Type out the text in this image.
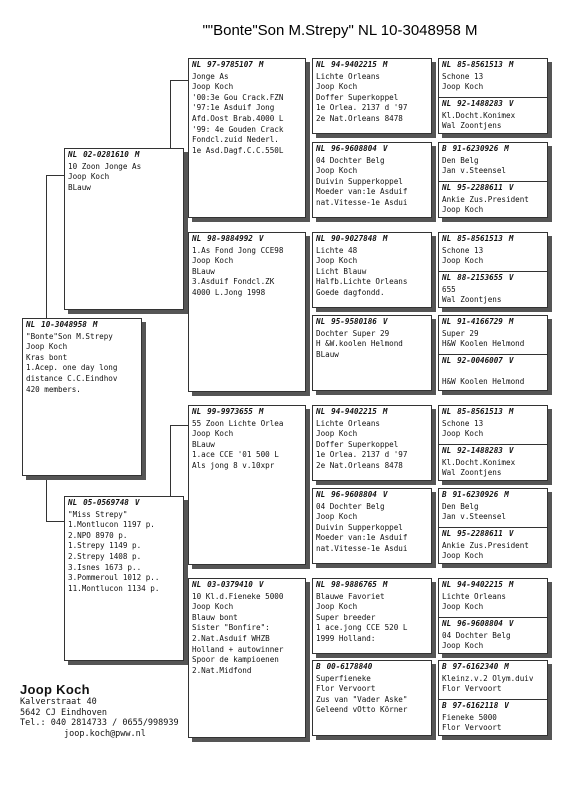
""Bonte"Son M.Strepy" NL 10-3048958 M
NL 10-3048958 M
"Bonte"Son M.Strepy
Joop Koch
Kras bont
1.Acep. one day long
distance C.C.Eindhov
420 members.
NL 02-0281610 M
10 Zoon Jonge As
Joop Koch
BLauw
NL 05-0569748 V
"Miss Strepy"
1.Montlucon 1197 p.
2.NPO 8970 p.
1.Strepy 1149 p.
2.Strepy 1408 p.
3.Isnes 1673 p..
3.Pommeroul 1012 p..
11.Montlucon 1134 p.
NL 97-9785107 M
Jonge As
Joop Koch
'00:3e Gou Crack.FZN
'97:1e Asduif Jong
Afd.Oost Brab.4000 L
'99: 4e Gouden Crack
Fondcl.zuid Nederl.
1e Asd.Dagf.C.C.550L
NL 98-9884992 V
1.As Fond Jong CCE98
Joop Koch
BLauw
3.Asduif Fondcl.ZK
4000 L.Jong 1998
NL 99-9973655 M
55 Zoon Lichte Orlea
Joop Koch
BLauw
1.ace CCE '01 500 L
Als jong 8 v.10xpr
NL 03-0379410 V
10 Kl.d.Fieneke 5000
Joop Koch
Blauw bont
Sister "Bonfire":
2.Nat.Asduif WHZB
Holland + autowinner
Spoor de kampioenen
2.Nat.Midfond
NL 94-9402215 M
Lichte Orleans
Joop Koch
Doffer Superkoppel
1e Orlea. 2137 d '97
2e Nat.Orleans 8478
NL 96-9608804 V
04 Dochter Belg
Joop Koch
Duivin Supperkoppel
Moeder van:1e Asduif
nat.Vitesse-1e Asdui
NL 90-9027848 M
Lichte 48
Joop Koch
Licht Blauw
Halfb.Lichte Orleans
Goede dagfondd.
NL 95-9580186 V
Dochter Super 29
H &W.koolen Helmond
BLauw
NL 94-9402215 M
Lichte Orleans
Joop Koch
Doffer Superkoppel
1e Orlea. 2137 d '97
2e Nat.Orleans 8478
NL 96-9608804 V
04 Dochter Belg
Joop Koch
Duivin Supperkoppel
Moeder van:1e Asduif
nat.Vitesse-1e Asdui
NL 98-9886765 M
Blauwe Favoriet
Joop Koch
Super breeder
1 ace.jong CCE 520 L
1999 Holland:
B 00-6178840
Superfieneke
Flor Vervoort
Zus van "Vader Aske"
Geleend vOtto Körner
NL 85-8561513 M
Schone 13
Joop Koch
NL 92-1488283 V
Kl.Docht.Konimex
Wal Zoontjens
B 91-6230926 M
Den Belg
Jan v.Steensel
NL 95-2288611 V
Ankie Zus.President
Joop Koch
NL 85-8561513 M
Schone 13
Joop Koch
NL 88-2153655 V
655
Wal Zoontjens
NL 91-4166729 M
Super 29
H&W Koolen Helmond
NL 92-0046007 V
H&W Koolen Helmond
NL 85-8561513 M
Schone 13
Joop Koch
NL 92-1488283 V
Kl.Docht.Konimex
Wal Zoontjens
B 91-6230926 M
Den Belg
Jan v.Steensel
NL 95-2288611 V
Ankie Zus.President
Joop Koch
NL 94-9402215 M
Lichte Orleans
Joop Koch
NL 96-9608804 V
04 Dochter Belg
Joop Koch
B 97-6162340 M
Kleinz.v.2 Olym.duiv
Flor Vervoort
B 97-6162118 V
Fieneke 5000
Flor Vervoort
Joop Koch
Kalverstraat 40
5642 CJ Eindhoven
Tel.: 040 2814733 / 0655/998939
joop.koch@pww.nl
